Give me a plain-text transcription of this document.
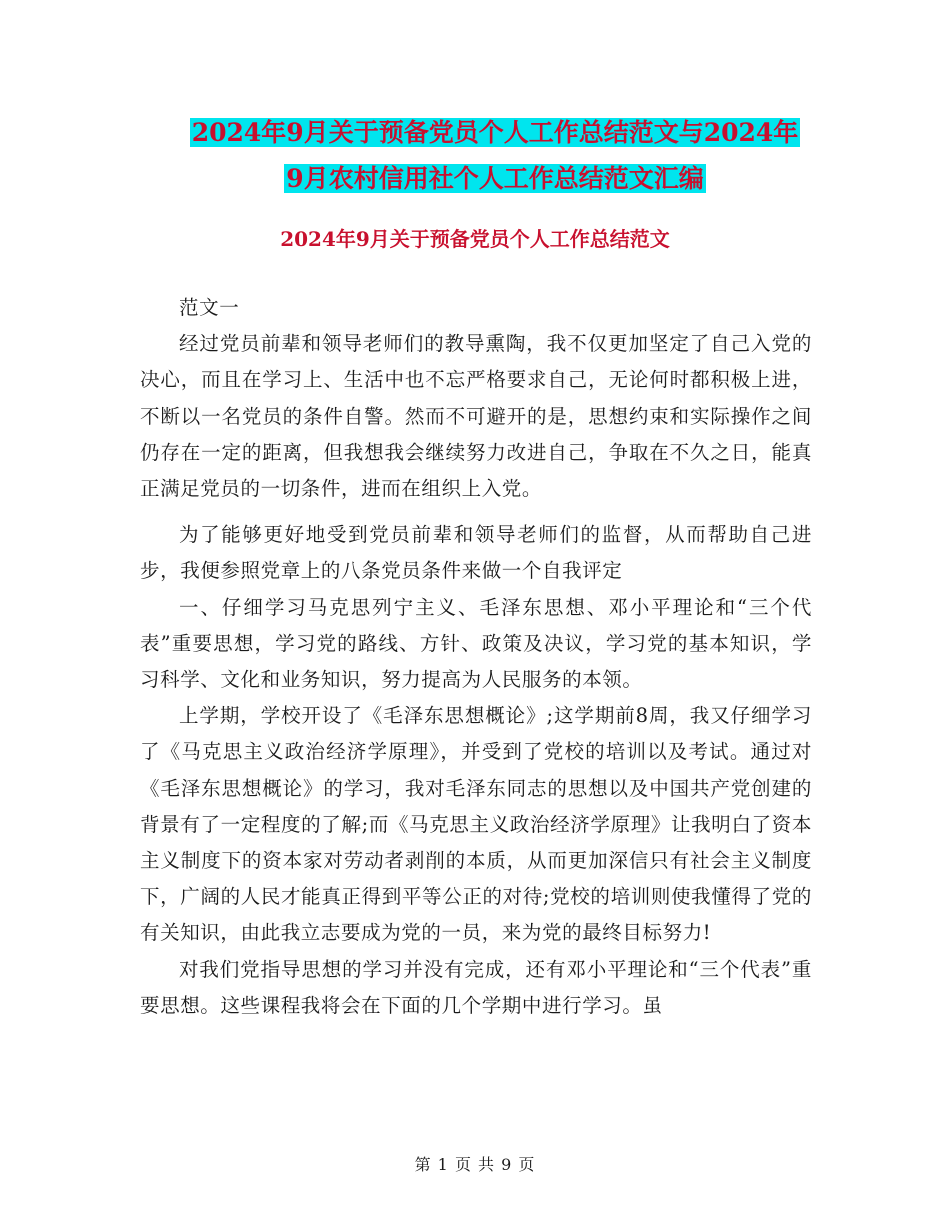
2024年9月关于预备党员个人工作总结范文与2024年
9月农村信用社个人工作总结范文汇编
2024年9月关于预备党员个人工作总结范文

范文一

经过党员前辈和领导老师们的教导熏陶，我不仅更加坚定了自己入党的决心，而且在学习上、生活中也不忘严格要求自己，无论何时都积极上进，不断以一名党员的条件自警。然而不可避开的是，思想约束和实际操作之间仍存在一定的距离，但我想我会继续努力改进自己，争取在不久之日，能真正满足党员的一切条件，进而在组织上入党。

为了能够更好地受到党员前辈和领导老师们的监督，从而帮助自己进步，我便参照党章上的八条党员条件来做一个自我评定

一、仔细学习马克思列宁主义、毛泽东思想、邓小平理论和“三个代表”重要思想，学习党的路线、方针、政策及决议，学习党的基本知识，学习科学、文化和业务知识，努力提高为人民服务的本领。

上学期，学校开设了《毛泽东思想概论》;这学期前8周，我又仔细学习了《马克思主义政治经济学原理》，并受到了党校的培训以及考试。通过对《毛泽东思想概论》的学习，我对毛泽东同志的思想以及中国共产党创建的背景有了一定程度的了解;而《马克思主义政治经济学原理》让我明白了资本主义制度下的资本家对劳动者剥削的本质，从而更加深信只有社会主义制度下，广阔的人民才能真正得到平等公正的对待;党校的培训则使我懂得了党的有关知识，由此我立志要成为党的一员，来为党的最终目标努力!

对我们党指导思想的学习并没有完成，还有邓小平理论和“三个代表”重要思想。这些课程我将会在下面的几个学期中进行学习。虽

第 1 页 共 9 页
